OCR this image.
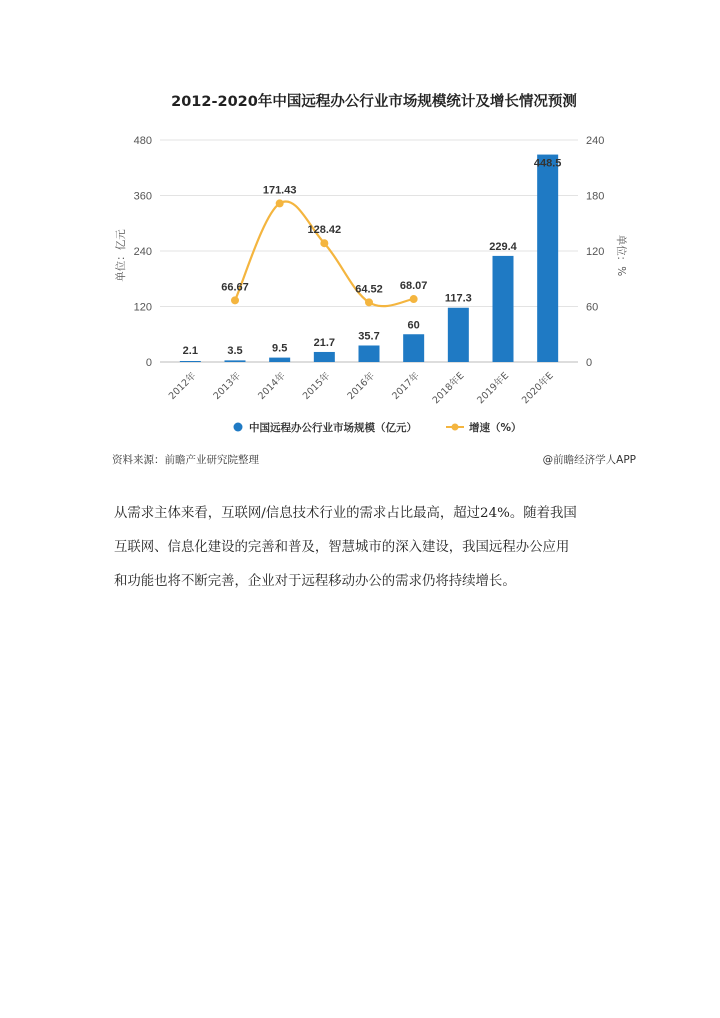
2012-2020年中国远程办公行业市场规模统计及增长情况预测
0
120
240
360
480
0
60
120
180
240
单位：亿元	单位：%
2.1	3.5	9.5 21.7
35.7
60
117.3
229.4
448.5
66.67
171.43
128.42
64.52 68.07
2012年 2013年 2014年 2015年 2016年 2017年 2018年E 2019年E 2020年E
中国远程办公行业市场规模（亿元）	增速（%）
资料来源：前瞻产业研究院整理	@前瞻经济学人APP

从需求主体来看，互联网/信息技术行业的需求占比最高，超过24%。随着我国

互联网、信息化建设的完善和普及，智慧城市的深入建设，我国远程办公应用

和功能也将不断完善，企业对于远程移动办公的需求仍将持续增长。
